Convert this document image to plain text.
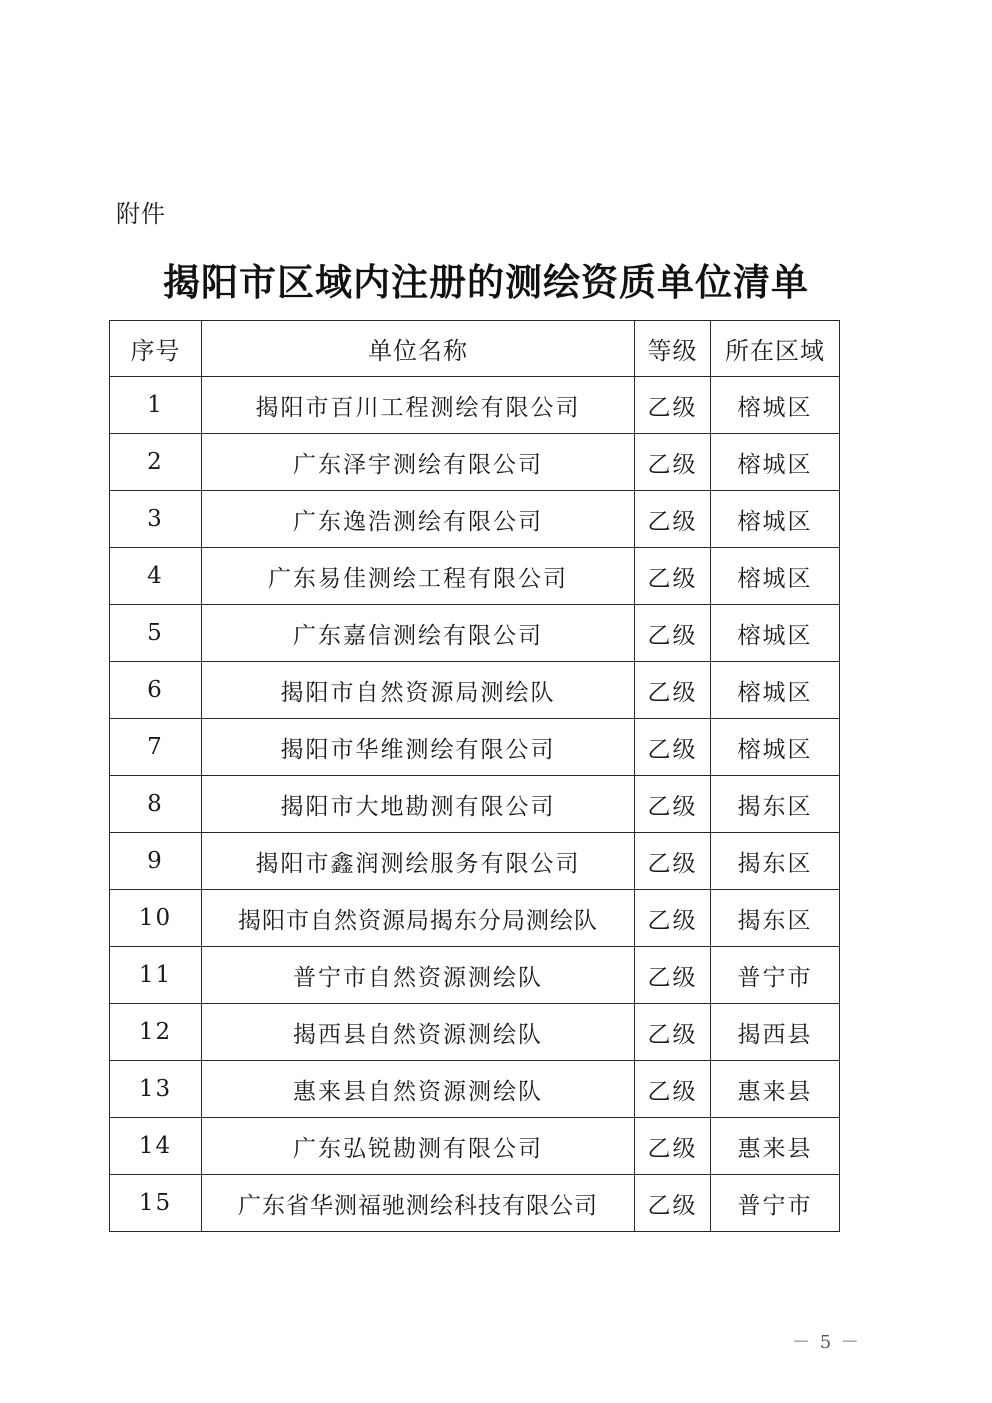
附件
揭阳市区域内注册的测绘资质单位清单
序号	单位名称	等级	所在区域
1	揭阳市百川工程测绘有限公司	乙级	榕城区
2	广东泽宇测绘有限公司	乙级	榕城区
3	广东逸浩测绘有限公司	乙级	榕城区
4	广东易佳测绘工程有限公司	乙级	榕城区
5	广东嘉信测绘有限公司	乙级	榕城区
6	揭阳市自然资源局测绘队	乙级	榕城区
7	揭阳市华维测绘有限公司	乙级	榕城区
8	揭阳市大地勘测有限公司	乙级	揭东区
9	揭阳市鑫润测绘服务有限公司	乙级	揭东区
10	揭阳市自然资源局揭东分局测绘队	乙级	揭东区
11	普宁市自然资源测绘队	乙级	普宁市
12	揭西县自然资源测绘队	乙级	揭西县
13	惠来县自然资源测绘队	乙级	惠来县
14	广东弘锐勘测有限公司	乙级	惠来县
15	广东省华测福驰测绘科技有限公司	乙级	普宁市
－ 5 －
